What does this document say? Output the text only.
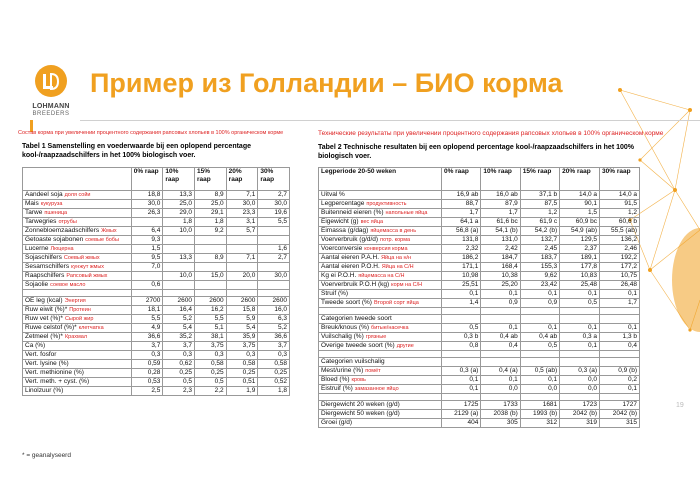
LOHMANN
BREEDERS
Пример из Голландии – БИО корма
Состав корма при увеличении процентного содержания рапсовых хлопьев в 100% органическом корме	Технические результаты при увеличении процентного содержания рапсовых хлопьев в 100% органическом корме
Tabel 1 Samenstelling en voederwaarde bij een oplopend percentage kool-/raapzaadschilfers in het 100% biologisch voer.
Tabel 2 Technische resultaten bij een oplopend percentage kool-/raapzaadschilfers in het 100% biologisch voer.
	0% raap	10% raap	15% raap	20% raap	30% raap
Aandeel soja доля сойи	18,8	13,3	8,9	7,1	2,7
Mais кукуруза	30,0	25,0	25,0	30,0	30,0
Tarwe пшеница	26,3	29,0	29,1	23,3	19,6
Tarwegries отрубы		1,8	1,8	3,1	5,5
Zonnebloemzaadschilfers Жмых	6,4	10,0	9,2	5,7	
Getoaste sojabonen соевые бобы	9,3				
Lucerne Люцерна	1,5				1,6
Sojaschilfers Соевый жмых	9,5	13,3	8,9	7,1	2,7
Sesamschilfers кунжут жмых	7,0				
Raapschilfers Рапсовый жмых		10,0	15,0	20,0	30,0
Sojaolie соевое масло	0,6				

OE leg (kcal) Энергия	2700	2600	2600	2600	2600
Ruw eiwit (%)* Протеин	18,1	16,4	16,2	15,8	16,0
Ruw vet (%)* Сырой жир	5,5	5,2	5,5	5,9	6,3
Ruwe celstof (%)* клетчатка	4,9	5,4	5,1	5,4	5,2
Zetmeel (%)* Крахмал	36,6	35,2	38,1	35,9	36,6
Ca (%)	3,7	3,7	3,75	3,75	3,7
Vert. fosfor	0,3	0,3	0,3	0,3	0,3
Vert. lysine (%)	0,59	0,62	0,58	0,58	0,58
Vert. methionine (%)	0,28	0,25	0,25	0,25	0,25
Vert. meth. + cyst. (%)	0,53	0,5	0,5	0,51	0,52
Linolzuur (%)	2,5	2,3	2,2	1,9	1,8
Legperiode 20-50 weken	0% raap	10% raap	15% raap	20% raap	30% raap
Uitval %	16,9 ab	16,0 ab	37,1 b	14,0 a	14,0 a
Legpercentage продуктивность	88,7	87,9	87,5	90,1	91,5
Buitenneid eieren (%) напольные яйца	1,7	1,7	1,2	1,5	1,2
Eigewicht (g) вес яйца	64,1 a	61,6 bc	61,9 c	60,9 bc	60,6 b
Eimassa (g/dag) яйцемасса в день	56,8 (a)	54,1 (b)	54,2 (b)	54,9 (ab)	55,5 (ab)
Voerverbruik (g/d/d) потр. корма	131,8	131,0	132,7	129,5	136,2
Voerconversie конверсия корма	2,32	2,42	2,45	2,37	2,46
Aantal eieren P.A.H. Яйца на н/н	186,2	184,7	183,7	189,1	192,2
Aantal eieren P.O.H. Яйца на С/Н	171,1	168,4	155,3	177,8	177,2
Kg ei P.O.H. яйцемасса на С/Н	10,98	10,38	9,62	10,83	10,75
Voerverbruik P.O.H (kg) корм на С/Н	25,51	25,20	23,42	25,48	26,48
Struif (%)	0,1	0,1	0,1	0,1	0,1
Tweede soort (%) Второй сорт яйца	1,4	0,9	0,9	0,5	1,7

Categorien tweede soort					
Breuk/knous (%) битые/насечка	0,5	0,1	0,1	0,1	0,1
Vuilschalig (%) грязные	0,3 b	0,4 ab	0,4 ab	0,3 a	1,3 b
Overige tweede soort (%) другие	0,8	0,4	0,5	0,1	0,4

Categorien vuilschalig					
Mest/urine (%) помёт	0,3 (a)	0,4 (a)	0,5 (ab)	0,3 (a)	0,9 (b)
Bloed (%) кровь	0,1	0,1	0,1	0,0	0,2
Eistruif (%) замазанное яйцо	0,1	0,0	0,0	0,0	0,1

Diergewicht 20 weken (g/d)	1725	1733	1681	1723	1727
Diergewicht 50 weken (g/d)	2129 (a)	2038 (b)	1993 (b)	2042 (b)	2042 (b)
Groei (g/d)	404	305	312	319	315
* = geanalyseerd
19
